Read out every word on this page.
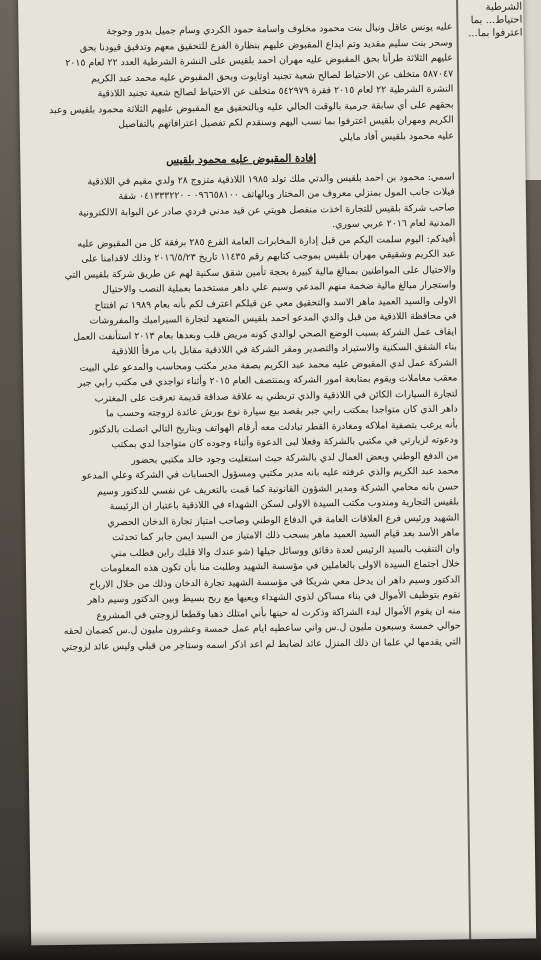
الشرطية احتياط... بما اعترفوا بما...

عليه يونس عاقل ونبال بنت محمود مخلوف واسامة حمود الكردي وسام جميل بدور وجوجة

وسحر بنت سليم مقديد وتم ايداع المقبوض عليهم بنظارة الفرع للتحقيق معهم وتدقيق قيودنا بحق

عليهم الثلاثة طرأنا بحق المقبوض عليه مهران احمد بلقيس على النشرة الشرطية العدد ٢٢ لعام ٢٠١٥

٥٨٧٠٤٧ متخلف عن الاحتياط لصالح شعبة تجنيد اوتايوت وبحق المقبوض عليه محمد عبد الكريم

النشرة الشرطية ٢٢ لعام ٢٠١٥ فقرة ٥٤٢٩٧٩ متخلف عن الاحتياط لصالح شعبة تجنيد اللاذقية

بحقهم على أي سابقة جرمية بالوقت الحالي عليه وبالتحقيق مع المقبوض عليهم الثلاثة محمود بلقيس وعبد

الكريم ومهران بلقيس اعترفوا بما نسب اليهم وسنقدم لكم تفصيل اعترافاتهم بالتفاصيل

عليه محمود بلقيس أفاد مايلي

إفادة المقبوض عليه محمود بلقيس

اسمي: محمود بن احمد بلقيس والدتي ملك تولد ١٩٨٥ اللاذقية متزوج ٢٨ ولدي مقيم في اللاذقية

فيلات جانب المول بمنزلي معروف من المختار وبالهاتف ٠٩٦٦٥٨١٠٠ - ٠٤١٣٣٣٢٢٠ شقة

صاحب شركة بلقيس للتجارة اخذت منفصل هويتي عن قيد مدني فردي صادر عن البوابة الالكترونية

المدنية لعام ٢٠١٦ عربي سوري.

أفيدكم: اليوم سلمت اليكم من قبل إدارة المخابرات العامة الفرع ٢٨٥ برفقة كل من المقبوض عليه

عبد الكريم وشقيقي مهران بلقيس بموجب كتابهم رقم ١١٤٣٥ تاريخ ٢٠١٦/٥/٢٣ وذلك لاقدامنا على

والاحتيال على المواطنين بمبالغ مالية كبيرة بحجة تأمين شقق سكنية لهم عن طريق شركة بلقيس التي

واستجرار مبالغ مالية ضخمة منهم المدعي وسيم علي داهر مستخدما بعملية النصب والاحتيال

الاولى والسيد العميد ماهر الاسد والتحقيق معي عن قبلكم اعترف لكم بأنه بعام ١٩٨٩ تم افتتاح

في محافظة اللاذقية من قبل والدي المدعو احمد بلقيس المتعهد لتجارة السيراميك والمفروشات

ايقاف عمل الشركة بسبب الوضع الصحي لوالدي كونه مريض قلب وبعدها بعام ٢٠١٣ استأنفت العمل

بناء الشقق السكنية والاستيراد والتصدير ومقر الشركة في اللاذقية مقابل باب مرفأ اللاذقية

الشركة عمل لدي المقبوض عليه محمد عبد الكريم بصفة مدير مكتب ومحاسب والمدعو علي البيت

معقب معاملات ويقوم بمتابعة امور الشركة وبمنتصف العام ٢٠١٥ وأثناء تواجدي في مكتب رابي جبر

لتجارة السيارات الكائن في اللاذقية والذي تربطني به علاقة صداقة قديمة تعرفت على المغترب

داهر الذي كان متواجدا بمكتب رابي جبر بقصد بيع سيارة نوع بورش عائدة لزوجته وحسب ما

بأنه يرغب بتصفية املاكه ومغادرة القطر تبادلت معه أرقام الهواتف وبتاريخ التالي اتصلت بالدكتور

ودعوته لزيارتي في مكتبي بالشركة وفعلا لبى الدعوة وأثناء وجوده كان متواجدا لدي بمكتب

من الدفع الوطني وبعض العمال لدي بالشركة حيث استغليت وجود خالد مكتبي بحضور

محمد عبد الكريم والذي عرفته عليه بانه مدير مكتبي ومسؤول الحسابات في الشركة وعلي المدعو

حسن بانه محامي الشركة ومدير الشؤون القانونية كما قمت بالتعريف عن نفسي للدكتور وسيم

بلقيس التجارية ومندوب مكتب السيدة الاولى لسكن الشهداء في اللاذقية باعتبار ان الرئيسة

الشهيد ورئيس فرع العلاقات العامة في الدفاع الوطني وصاحب امتياز تجارة الدخان الحصري

ماهر الأسد بعد قيام السيد العميد ماهر بسحب ذلك الامتياز من السيد ايمن جابر كما تحدثت

وان التنقيب بالسيد الرئيس لعدة دقائق ووسائل جيلها (شو عندك والا قلبك راين فطلب مني

خلال اجتماع السيدة الاولى بالعاملين في مؤسسة الشهيد وطلبت منا بأن تكون هذه المعلومات

الدكتور وسيم داهر ان يدخل معي شريكا في مؤسسة الشهيد تجارة الدخان وذلك من خلال الارباح

تقوم بتوظيف الأموال في بناء مساكن لذوي الشهداء ويعيها مع ربح بسيط وبين الدكتور وسيم داهر

منه ان يقوم الأموال لبدء الشراكة وذكرت له حينها بأني امتلك ذهبا وقطعا لزوجتي في المشروع

حوالي خمسة وسبعون مليون ل.س واني ساعطيه ايام عمل خمسة وعشرون مليون ل.س كضمان لحقه

التي يقدمها لي علما ان ذلك المنزل عائد لضابط لم اعد اذكر اسمه وستاجر من قبلي وليس عائد لزوجتي
